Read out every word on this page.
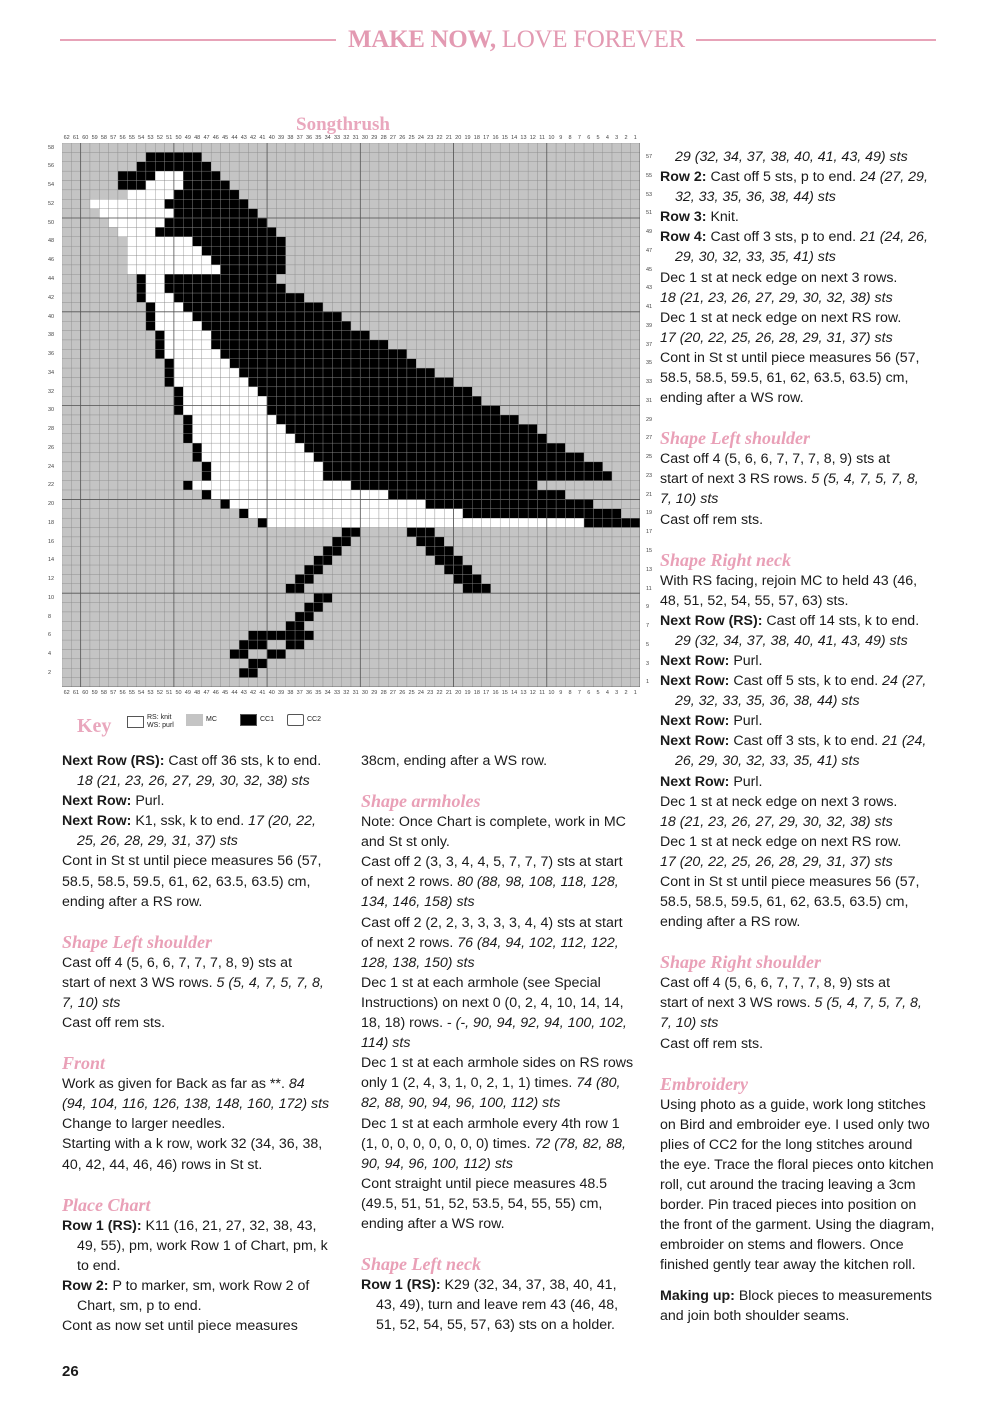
MAKE NOW, LOVE FOREVER
Songthrush
62 61 60 59 58 57 56 55 54 53 52 51 50 49 48 47 46 45 44 43 42 41 40 39 38 37 36 35 34 33 32 31 30 29 28 27 26 25 24 23 22 21 20 19 18 17 16 15 14 13 12 11 10 9 8 7 6 5 4 3 2 1
62 61 60 59 58 57 56 55 54 53 52 51 50 49 48 47 46 45 44 43 42 41 40 39 38 37 36 35 34 33 32 31 30 29 28 27 26 25 24 23 22 21 20 19 18 17 16 15 14 13 12 11 10 9 8 7 6 5 4 3 2 1
2
4
6
8
10
12
14
16
18
20
22
24
26
28
30
32
34
36
38
40
42
44
46
48
50
52
54
56
58
1
3
5
7
9
11
13
15
17
19
21
23
25
27
29
31
33
35
37
39
41
43
45
47
49
51
53
55
57
Key	RS: knit
WS: purl
MC	CC1	CC2

Next Row (RS): Cast off 36 sts, k to end.

18 (21, 23, 26, 27, 29, 30, 32, 38) sts

Next Row: Purl.

Next Row: K1, ssk, k to end. 17 (20, 22,

25, 26, 28, 29, 31, 37) sts

Cont in St st until piece measures 56 (57,

58.5, 58.5, 59.5, 61, 62, 63.5, 63.5) cm,

ending after a RS row.

Shape Left shoulder

Cast off 4 (5, 6, 6, 7, 7, 7, 8, 9) sts at

start of next 3 WS rows. 5 (5, 4, 7, 5, 7, 8,

7, 10) sts

Cast off rem sts.

Front

Work as given for Back as far as **. 84

(94, 104, 116, 126, 138, 148, 160, 172) sts

Change to larger needles.

Starting with a k row, work 32 (34, 36, 38,

40, 42, 44, 46, 46) rows in St st.

Place Chart

Row 1 (RS): K11 (16, 21, 27, 32, 38, 43,

49, 55), pm, work Row 1 of Chart, pm, k

to end.

Row 2: P to marker, sm, work Row 2 of

Chart, sm, p to end.

Cont as now set until piece measures

38cm, ending after a WS row.

Shape armholes

Note: Once Chart is complete, work in MC

and St st only.

Cast off 2 (3, 3, 4, 4, 5, 7, 7, 7) sts at start

of next 2 rows. 80 (88, 98, 108, 118, 128,

134, 146, 158) sts

Cast off 2 (2, 2, 3, 3, 3, 3, 4, 4) sts at start

of next 2 rows. 76 (84, 94, 102, 112, 122,

128, 138, 150) sts

Dec 1 st at each armhole (see Special

Instructions) on next 0 (0, 2, 4, 10, 14, 14,

18, 18) rows. - (-, 90, 94, 92, 94, 100, 102,

114) sts

Dec 1 st at each armhole sides on RS rows

only 1 (2, 4, 3, 1, 0, 2, 1, 1) times. 74 (80,

82, 88, 90, 94, 96, 100, 112) sts

Dec 1 st at each armhole every 4th row 1

(1, 0, 0, 0, 0, 0, 0, 0) times. 72 (78, 82, 88,

90, 94, 96, 100, 112) sts

Cont straight until piece measures 48.5

(49.5, 51, 51, 52, 53.5, 54, 55, 55) cm,

ending after a WS row.

Shape Left neck

Row 1 (RS): K29 (32, 34, 37, 38, 40, 41,

43, 49), turn and leave rem 43 (46, 48,

51, 52, 54, 55, 57, 63) sts on a holder.

29 (32, 34, 37, 38, 40, 41, 43, 49) sts

Row 2: Cast off 5 sts, p to end. 24 (27, 29,

32, 33, 35, 36, 38, 44) sts

Row 3: Knit.

Row 4: Cast off 3 sts, p to end. 21 (24, 26,

29, 30, 32, 33, 35, 41) sts

Dec 1 st at neck edge on next 3 rows.

18 (21, 23, 26, 27, 29, 30, 32, 38) sts

Dec 1 st at neck edge on next RS row.

17 (20, 22, 25, 26, 28, 29, 31, 37) sts

Cont in St st until piece measures 56 (57,

58.5, 58.5, 59.5, 61, 62, 63.5, 63.5) cm,

ending after a WS row.

Shape Left shoulder

Cast off 4 (5, 6, 6, 7, 7, 7, 8, 9) sts at

start of next 3 RS rows. 5 (5, 4, 7, 5, 7, 8,

7, 10) sts

Cast off rem sts.

Shape Right neck

With RS facing, rejoin MC to held 43 (46,

48, 51, 52, 54, 55, 57, 63) sts.

Next Row (RS): Cast off 14 sts, k to end.

29 (32, 34, 37, 38, 40, 41, 43, 49) sts

Next Row: Purl.

Next Row: Cast off 5 sts, k to end. 24 (27,

29, 32, 33, 35, 36, 38, 44) sts

Next Row: Purl.

Next Row: Cast off 3 sts, k to end. 21 (24,

26, 29, 30, 32, 33, 35, 41) sts

Next Row: Purl.

Dec 1 st at neck edge on next 3 rows.

18 (21, 23, 26, 27, 29, 30, 32, 38) sts

Dec 1 st at neck edge on next RS row.

17 (20, 22, 25, 26, 28, 29, 31, 37) sts

Cont in St st until piece measures 56 (57,

58.5, 58.5, 59.5, 61, 62, 63.5, 63.5) cm,

ending after a RS row.

Shape Right shoulder

Cast off 4 (5, 6, 6, 7, 7, 7, 8, 9) sts at

start of next 3 WS rows. 5 (5, 4, 7, 5, 7, 8,

7, 10) sts

Cast off rem sts.

Embroidery

Using photo as a guide, work long stitches

on Bird and embroider eye. I used only two

plies of CC2 for the long stitches around

the eye. Trace the floral pieces onto kitchen

roll, cut around the tracing leaving a 3cm

border. Pin traced pieces into position on

the front of the garment. Using the diagram,

embroider on stems and flowers. Once

finished gently tear away the kitchen roll.

Making up: Block pieces to measurements

and join both shoulder seams.

26
